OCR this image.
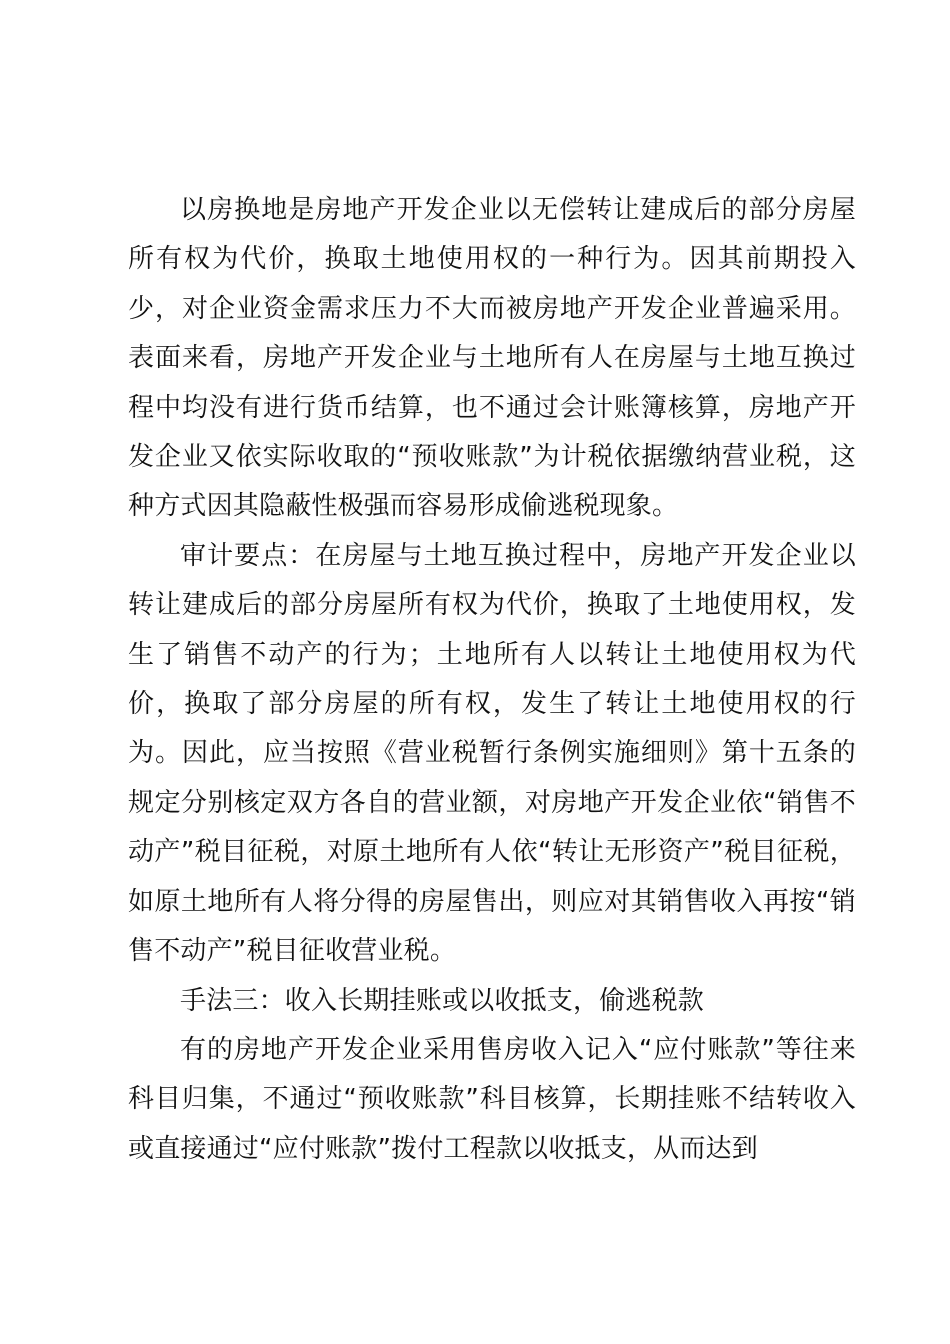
以房换地是房地产开发企业以无偿转让建成后的部分房屋所有权为代价，换取土地使用权的一种行为。因其前期投入少，对企业资金需求压力不大而被房地产开发企业普遍采用。表面来看，房地产开发企业与土地所有人在房屋与土地互换过程中均没有进行货币结算，也不通过会计账簿核算，房地产开发企业又依实际收取的“预收账款”为计税依据缴纳营业税，这种方式因其隐蔽性极强而容易形成偷逃税现象。

审计要点：在房屋与土地互换过程中，房地产开发企业以转让建成后的部分房屋所有权为代价，换取了土地使用权，发生了销售不动产的行为；土地所有人以转让土地使用权为代价，换取了部分房屋的所有权，发生了转让土地使用权的行为。因此，应当按照《营业税暂行条例实施细则》第十五条的规定分别核定双方各自的营业额，对房地产开发企业依“销售不动产”税目征税，对原土地所有人依“转让无形资产”税目征税，如原土地所有人将分得的房屋售出，则应对其销售收入再按“销售不动产”税目征收营业税。

手法三：收入长期挂账或以收抵支，偷逃税款

有的房地产开发企业采用售房收入记入“应付账款”等往来科目归集，不通过“预收账款”科目核算，长期挂账不结转收入或直接通过“应付账款”拨付工程款以收抵支，从而达到
